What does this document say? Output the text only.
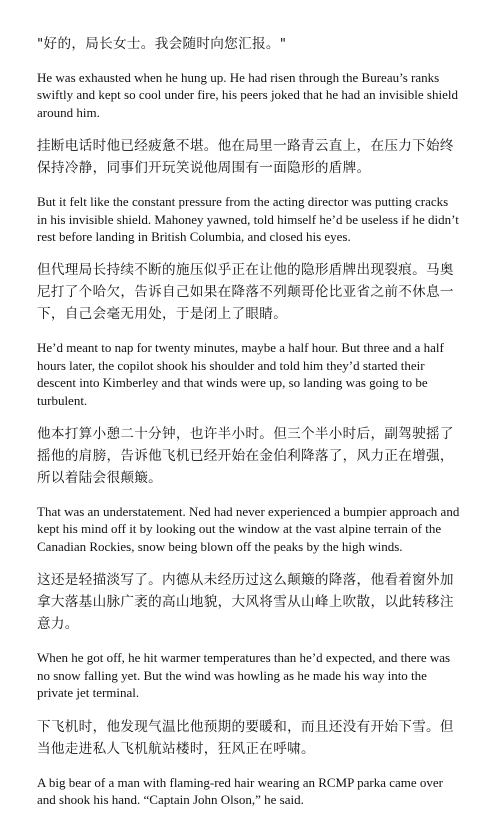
"好的，局长女士。我会随时向您汇报。"

He was exhausted when he hung up. He had risen through the Bureau’s ranks swiftly and kept so cool under fire, his peers joked that he had an invisible shield around him.

挂断电话时他已经疲惫不堪。他在局里一路青云直上，在压力下始终保持冷静，同事们开玩笑说他周围有一面隐形的盾牌。

But it felt like the constant pressure from the acting director was putting cracks in his invisible shield. Mahoney yawned, told himself he’d be useless if he didn’t rest before landing in British Columbia, and closed his eyes.

但代理局长持续不断的施压似乎正在让他的隐形盾牌出现裂痕。马奥尼打了个哈欠，告诉自己如果在降落不列颠哥伦比亚省之前不休息一下，自己会毫无用处，于是闭上了眼睛。

He’d meant to nap for twenty minutes, maybe a half hour. But three and a half hours later, the copilot shook his shoulder and told him they’d started their descent into Kimberley and that winds were up, so landing was going to be turbulent.

他本打算小憩二十分钟，也许半小时。但三个半小时后，副驾驶摇了摇他的肩膀，告诉他飞机已经开始在金伯利降落了，风力正在增强，所以着陆会很颠簸。

That was an understatement. Ned had never experienced a bumpier approach and kept his mind off it by looking out the window at the vast alpine terrain of the Canadian Rockies, snow being blown off the peaks by the high winds.

这还是轻描淡写了。内德从未经历过这么颠簸的降落，他看着窗外加拿大落基山脉广袤的高山地貌，大风将雪从山峰上吹散，以此转移注意力。

When he got off, he hit warmer temperatures than he’d expected, and there was no snow falling yet. But the wind was howling as he made his way into the private jet terminal.

下飞机时，他发现气温比他预期的要暖和，而且还没有开始下雪。但当他走进私人飞机航站楼时，狂风正在呼啸。

A big bear of a man with flaming-red hair wearing an RCMP parka came over and shook his hand. “Captain John Olson,” he said.
